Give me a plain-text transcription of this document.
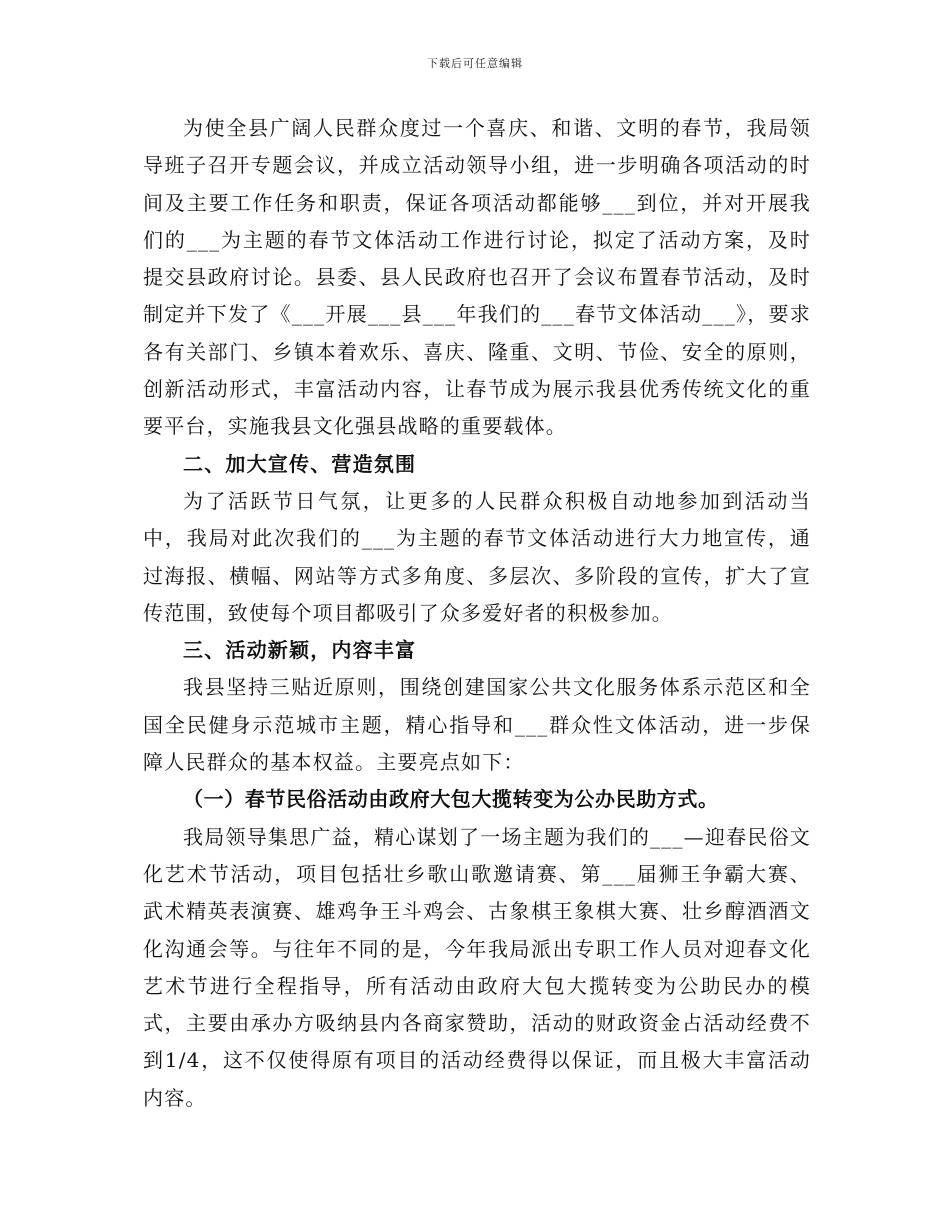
下载后可任意编辑

为使全县广阔人民群众度过一个喜庆、和谐、文明的春节，我局领导班子召开专题会议，并成立活动领导小组，进一步明确各项活动的时间及主要工作任务和职责，保证各项活动都能够___到位，并对开展我们的___为主题的春节文体活动工作进行讨论，拟定了活动方案，及时提交县政府讨论。县委、县人民政府也召开了会议布置春节活动，及时制定并下发了《___开展___县___年我们的___春节文体活动___》，要求各有关部门、乡镇本着欢乐、喜庆、隆重、文明、节俭、安全的原则，创新活动形式，丰富活动内容，让春节成为展示我县优秀传统文化的重要平台，实施我县文化强县战略的重要载体。

二、加大宣传、营造氛围

为了活跃节日气氛，让更多的人民群众积极自动地参加到活动当中，我局对此次我们的___为主题的春节文体活动进行大力地宣传，通过海报、横幅、网站等方式多角度、多层次、多阶段的宣传，扩大了宣传范围，致使每个项目都吸引了众多爱好者的积极参加。

三、活动新颖，内容丰富

我县坚持三贴近原则，围绕创建国家公共文化服务体系示范区和全国全民健身示范城市主题，精心指导和___群众性文体活动，进一步保障人民群众的基本权益。主要亮点如下：

（一）春节民俗活动由政府大包大揽转变为公办民助方式。

我局领导集思广益，精心谋划了一场主题为我们的___—迎春民俗文化艺术节活动，项目包括壮乡歌山歌邀请赛、第___届狮王争霸大赛、武术精英表演赛、雄鸡争王斗鸡会、古象棋王象棋大赛、壮乡醇酒酒文化沟通会等。与往年不同的是，今年我局派出专职工作人员对迎春文化艺术节进行全程指导，所有活动由政府大包大揽转变为公助民办的模式，主要由承办方吸纳县内各商家赞助，活动的财政资金占活动经费不到1/4，这不仅使得原有项目的活动经费得以保证，而且极大丰富活动内容。
